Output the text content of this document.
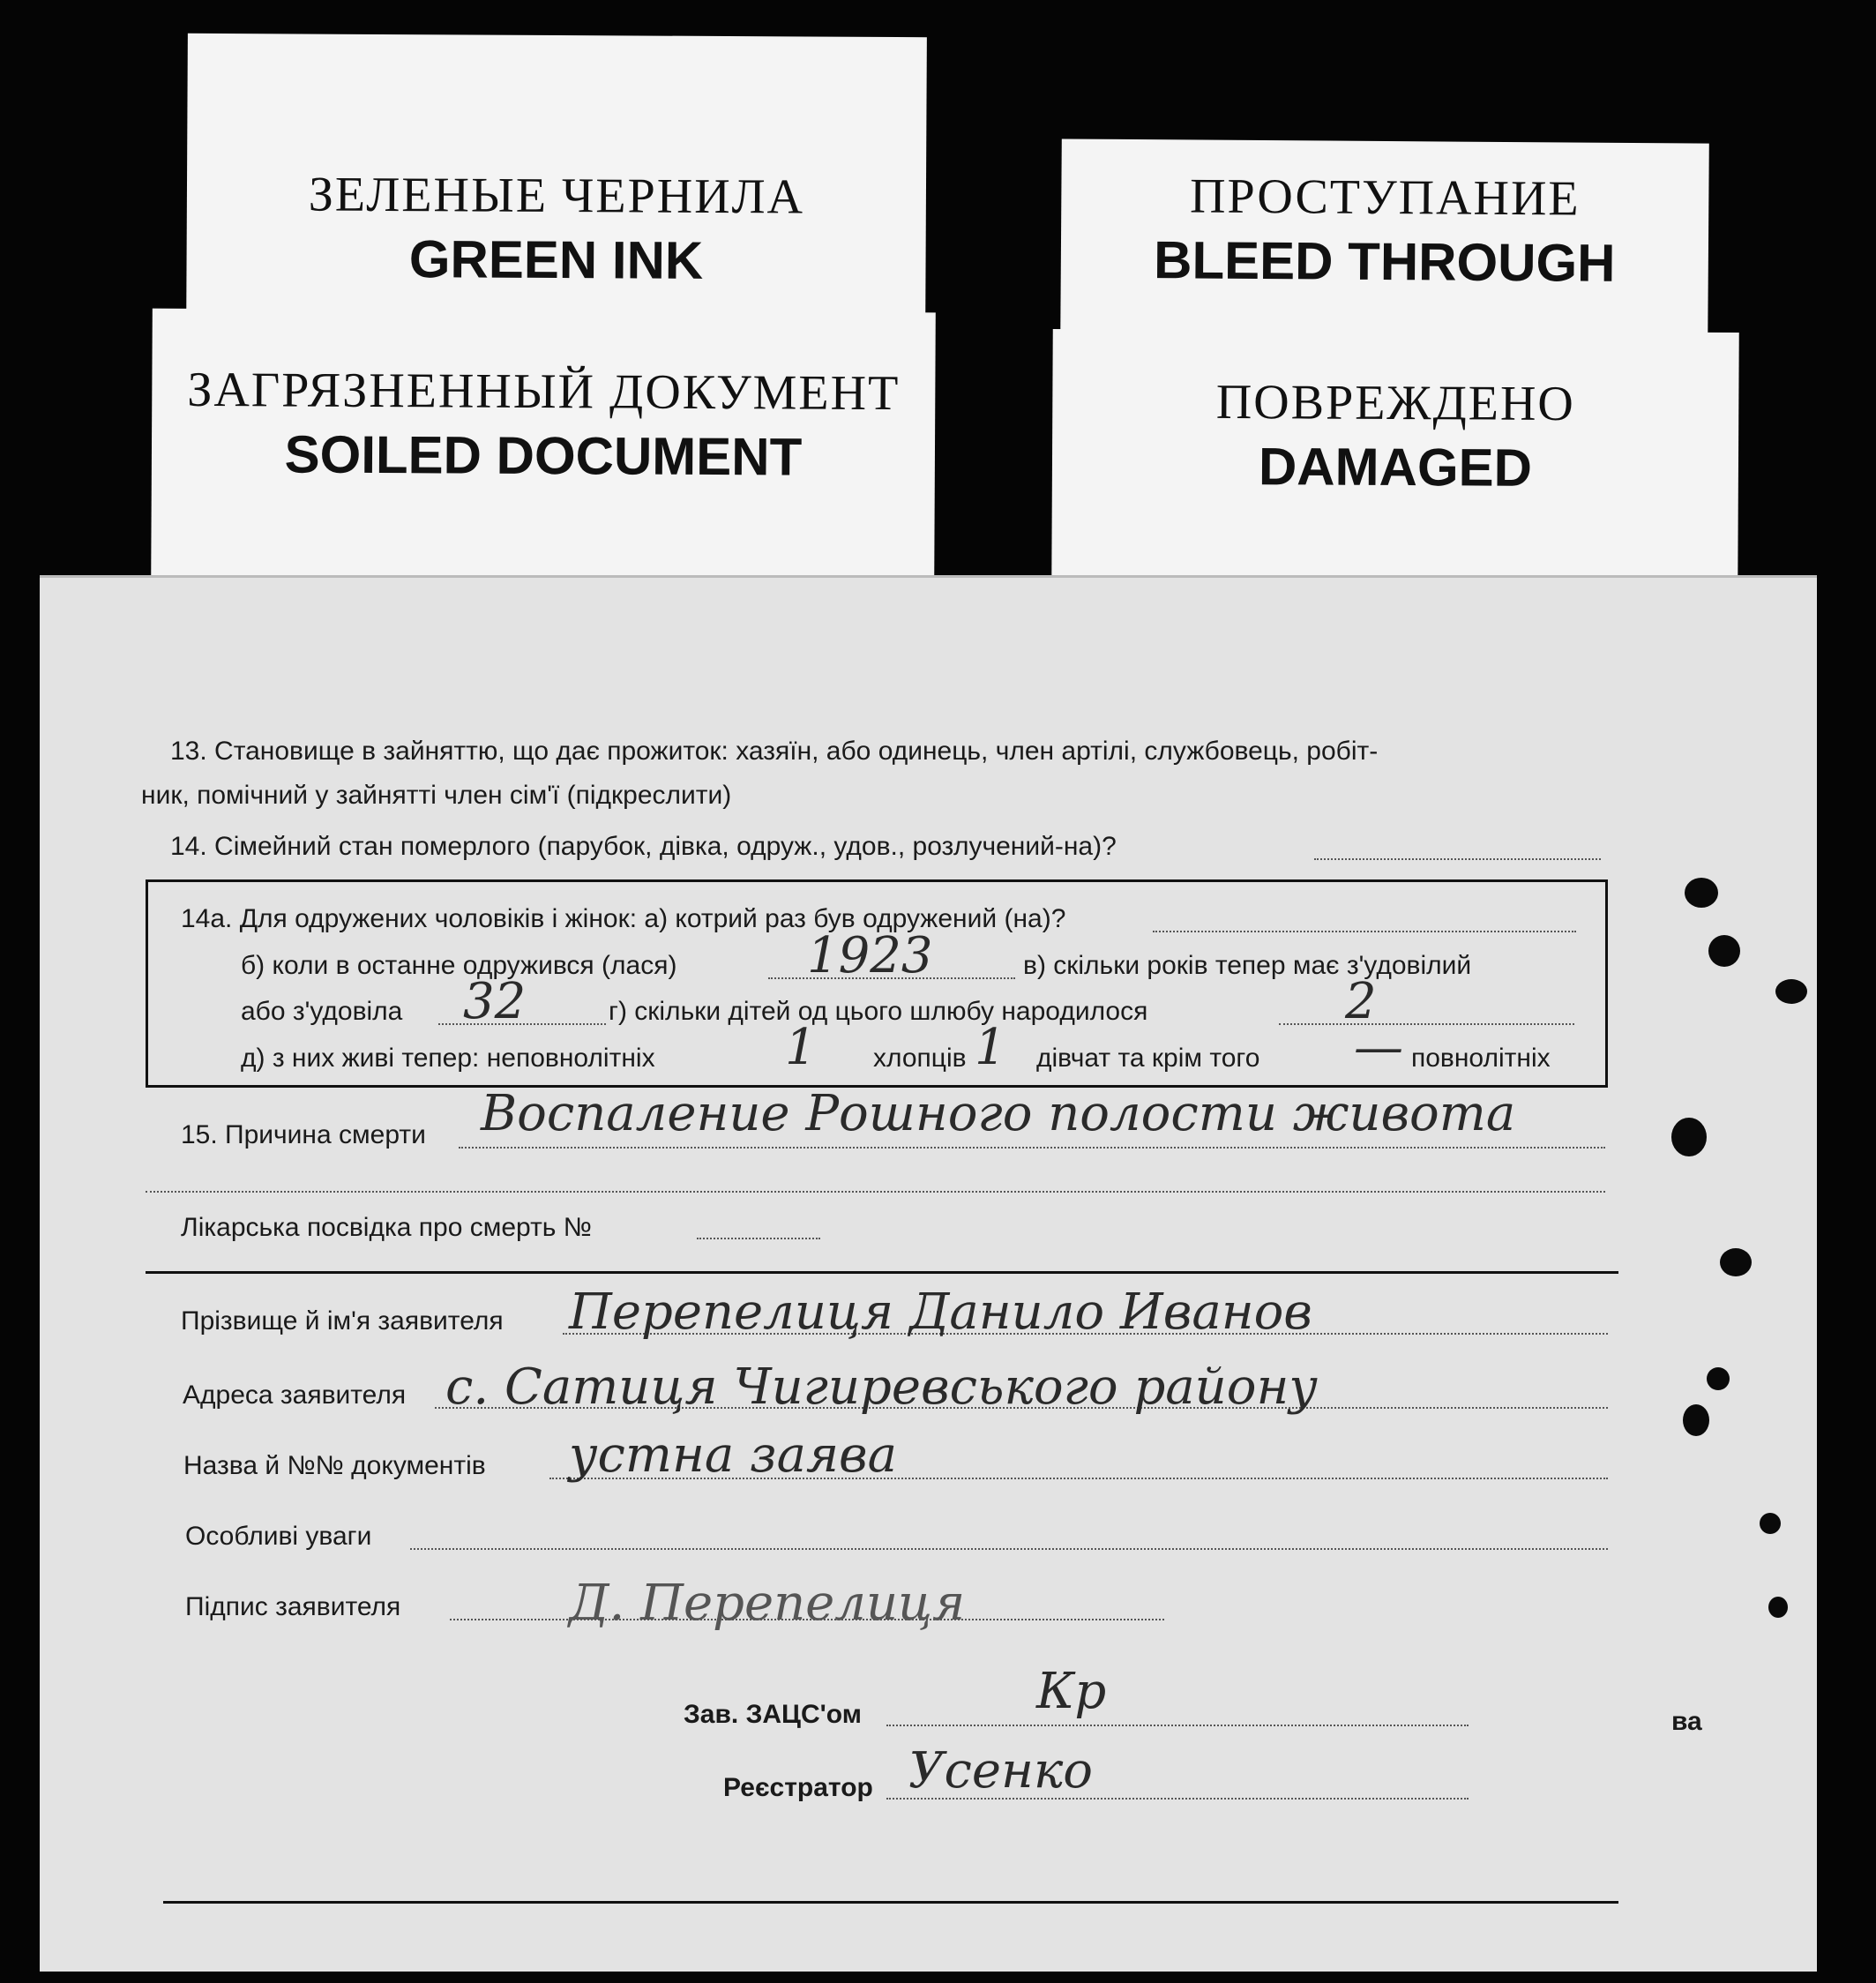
ЗЕЛЕНЫЕ ЧЕРНИЛА
GREEN INK
ПРОСТУПАНИЕ
BLEED THROUGH
ЗАГРЯЗНЕННЫЙ ДОКУМЕНТ
SOILED DOCUMENT
ПОВРЕЖДЕНО
DAMAGED
13. Становище в зайняттю, що дає прожиток: хазяїн, або одинець, член артілі, службовець, робіт-
ник, помічний у зайнятті член сім'ї (підкреслити)
14. Сімейний стан померлого (парубок, дівка, одруж., удов., розлучений-на)?
14а. Для одружених чоловіків і жінок: а) котрий раз був одружений (на)?
б) коли в останне одружився (лася)	1923	в) скільки років тепер має з'удовілий
або з'удовіла 32	г) скільки дітей од цього шлюбу народилося	2
д) з них живі тепер: неповнолітніх	1 хлопців 1 дівчат та крім того — повнолітніх
15. Причина смерти Воспаление Рошного полости живота
Лікарська посвідка про смерть №
Прізвище й ім'я заявителя Перепелиця Данило Иванов
Адреса заявителя с. Сатиця Чигиревського району
Назва й №№ документів устна заява
Особливі уваги
Підпис заявителя	Д. Перепелиця
Зав. ЗАЦС'ом	Кр
Реєстратор Усенко
ва
